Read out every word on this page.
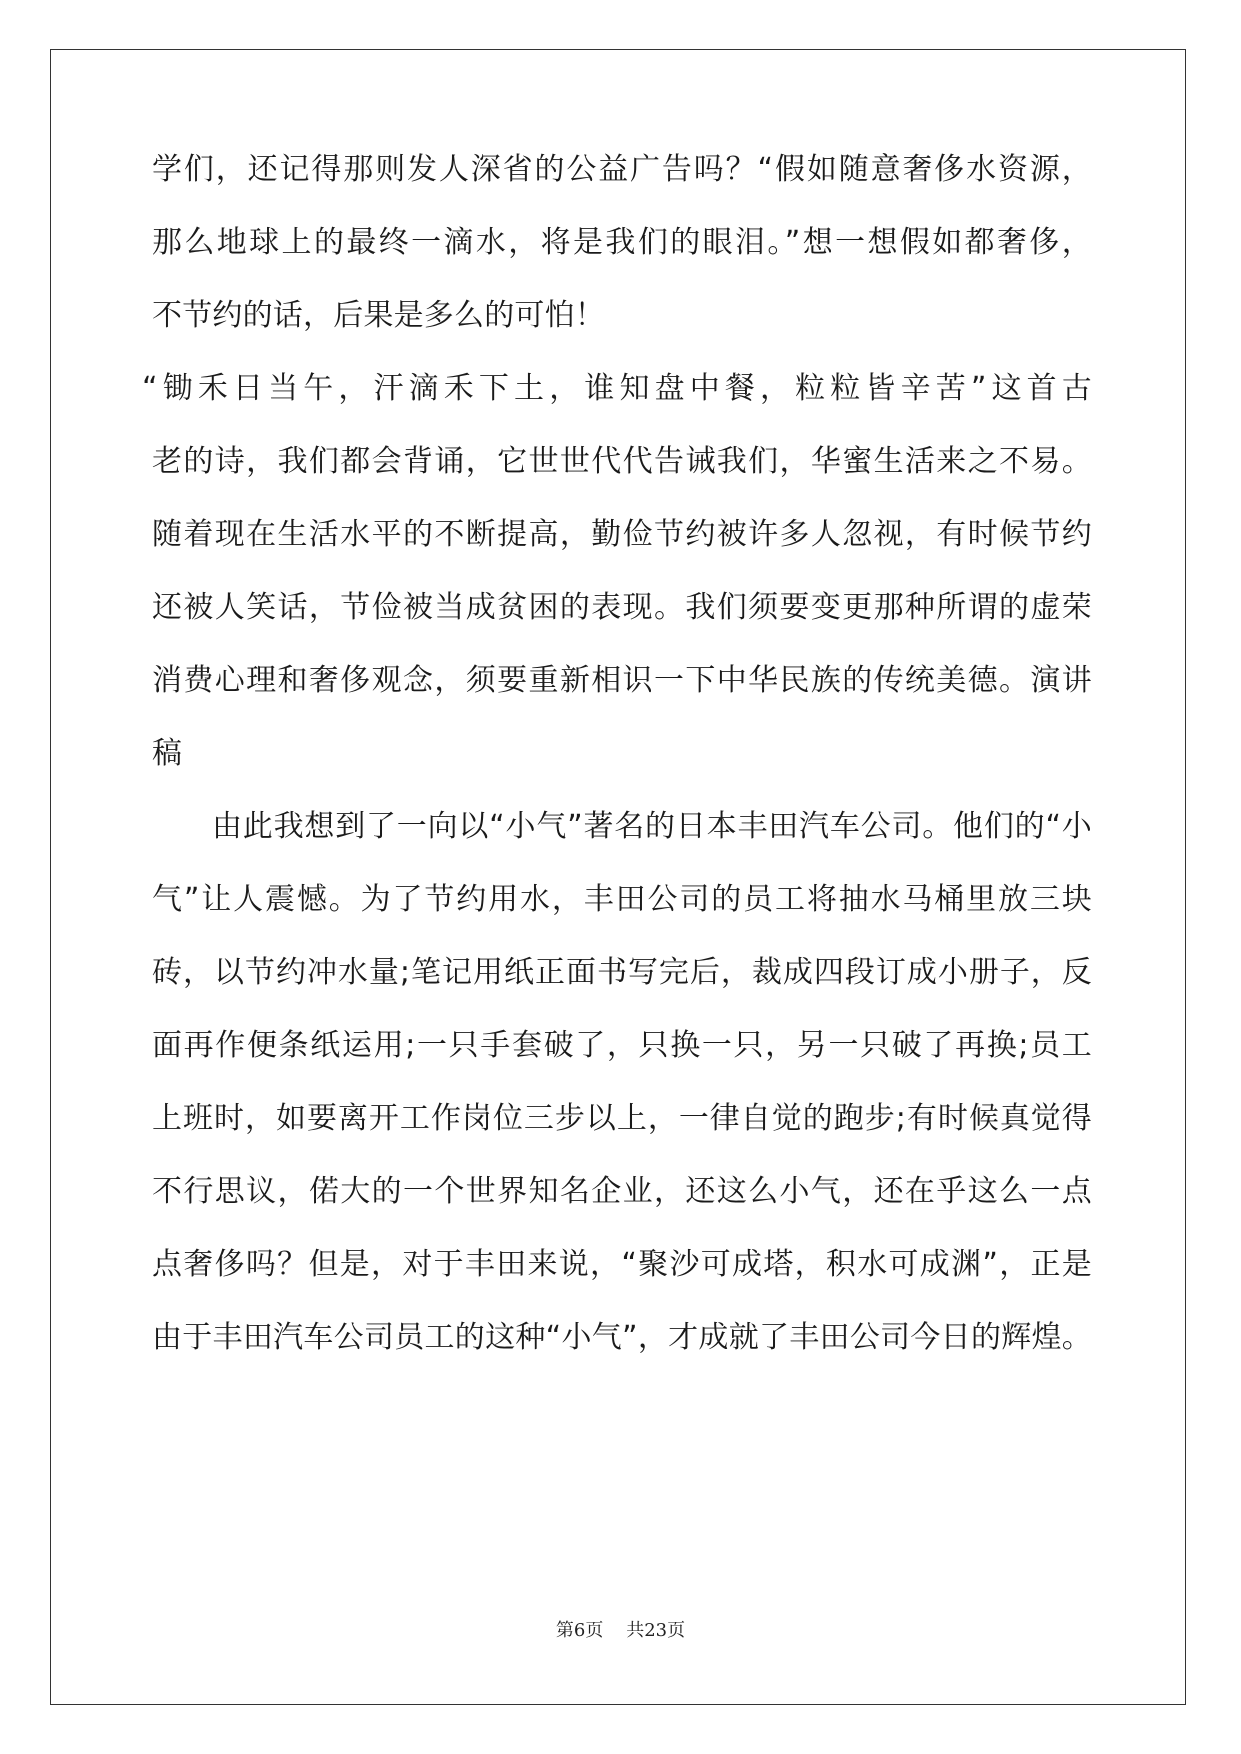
学们，还记得那则发人深省的公益广告吗？“假如随意奢侈水资源，
那么地球上的最终一滴水，将是我们的眼泪。”想一想假如都奢侈，
不节约的话，后果是多么的可怕！
“锄禾日当午，汗滴禾下土，谁知盘中餐，粒粒皆辛苦”这首古
老的诗，我们都会背诵，它世世代代告诫我们，华蜜生活来之不易。
随着现在生活水平的不断提高，勤俭节约被许多人忽视，有时候节约
还被人笑话，节俭被当成贫困的表现。我们须要变更那种所谓的虚荣
消费心理和奢侈观念，须要重新相识一下中华民族的传统美德。演讲
稿
由此我想到了一向以“小气”著名的日本丰田汽车公司。他们的“小
气”让人震憾。为了节约用水，丰田公司的员工将抽水马桶里放三块
砖，以节约冲水量;笔记用纸正面书写完后，裁成四段订成小册子，反
面再作便条纸运用;一只手套破了，只换一只，另一只破了再换;员工
上班时，如要离开工作岗位三步以上，一律自觉的跑步;有时候真觉得
不行思议，偌大的一个世界知名企业，还这么小气，还在乎这么一点
点奢侈吗？但是，对于丰田来说，“聚沙可成塔，积水可成渊”，正是
由于丰田汽车公司员工的这种“小气”，才成就了丰田公司今日的辉煌。
第6页 共23页
